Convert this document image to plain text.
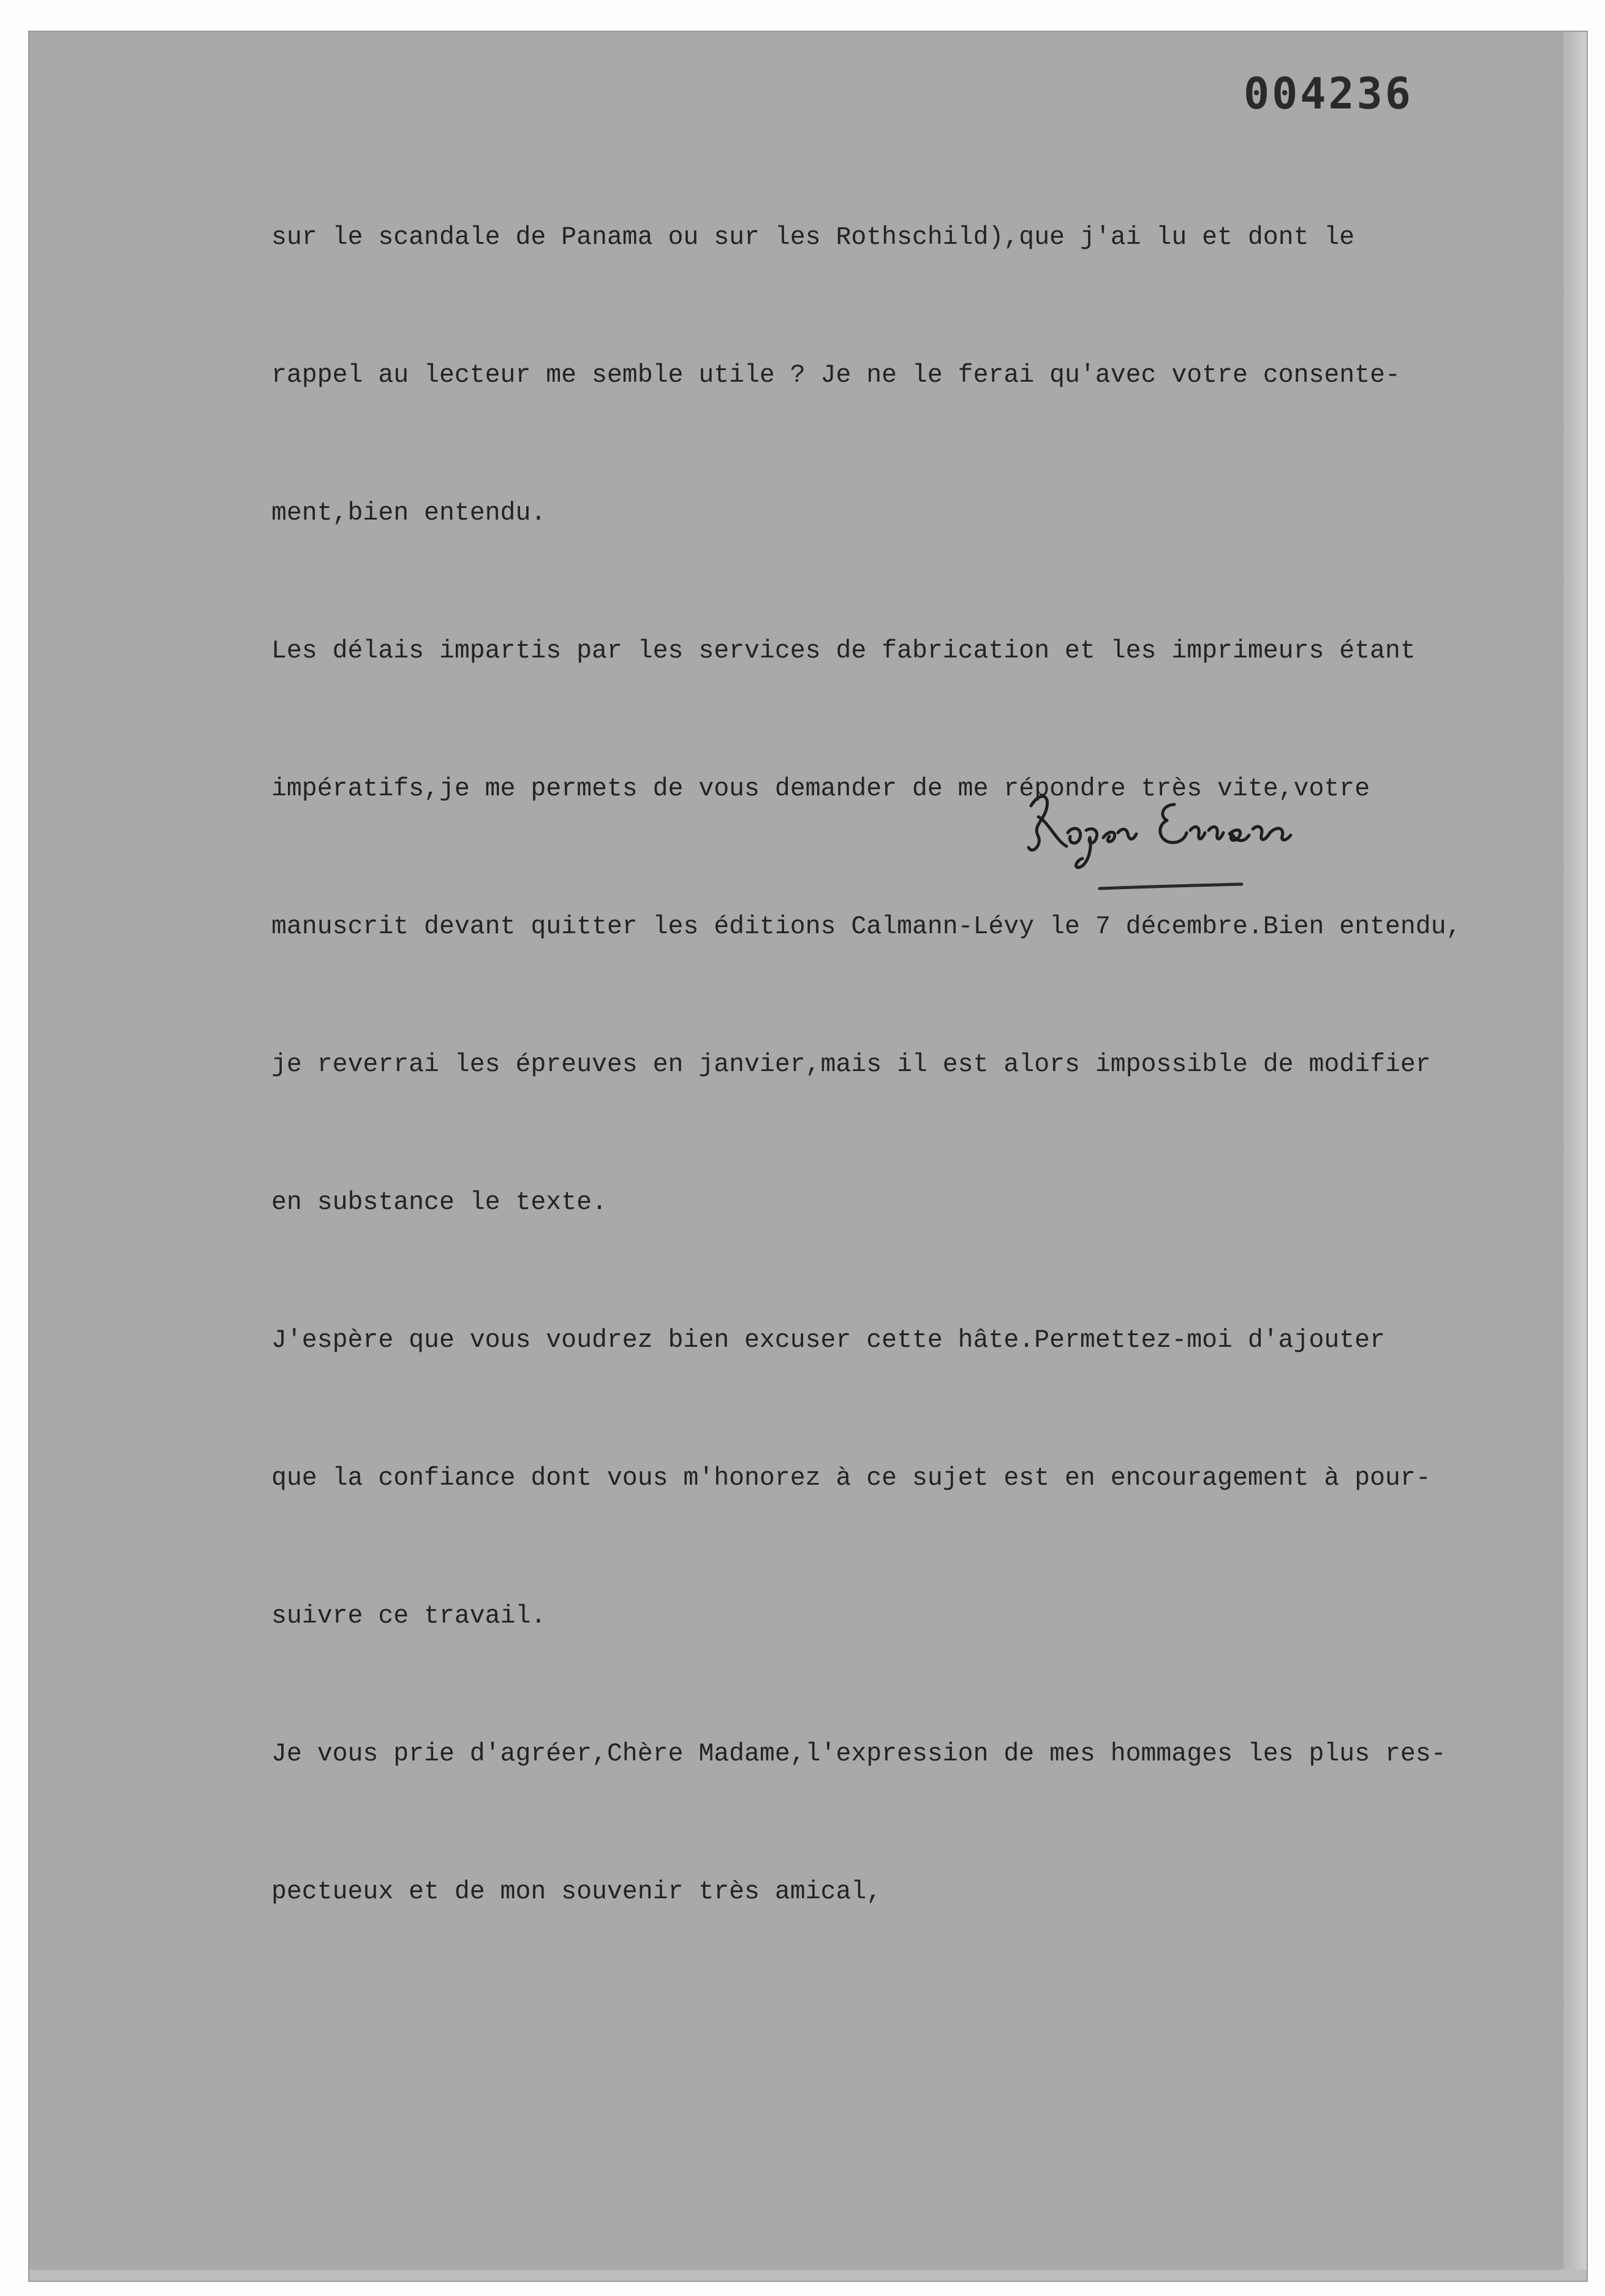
004236

sur le scandale de Panama ou sur les Rothschild),que j'ai lu et dont le

rappel au lecteur me semble utile ? Je ne le ferai qu'avec votre consente-

ment,bien entendu.

Les délais impartis par les services de fabrication et les imprimeurs étant

impératifs,je me permets de vous demander de me répondre très vite,votre

manuscrit devant quitter les éditions Calmann-Lévy le 7 décembre.Bien entendu,

je reverrai les épreuves en janvier,mais il est alors impossible de modifier

en substance le texte.

J'espère que vous voudrez bien excuser cette hâte.Permettez-moi d'ajouter

que la confiance dont vous m'honorez à ce sujet est en encouragement à pour-

suivre ce travail.

Je vous prie d'agréer,Chère Madame,l'expression de mes hommages les plus res-

pectueux et de mon souvenir très amical,
